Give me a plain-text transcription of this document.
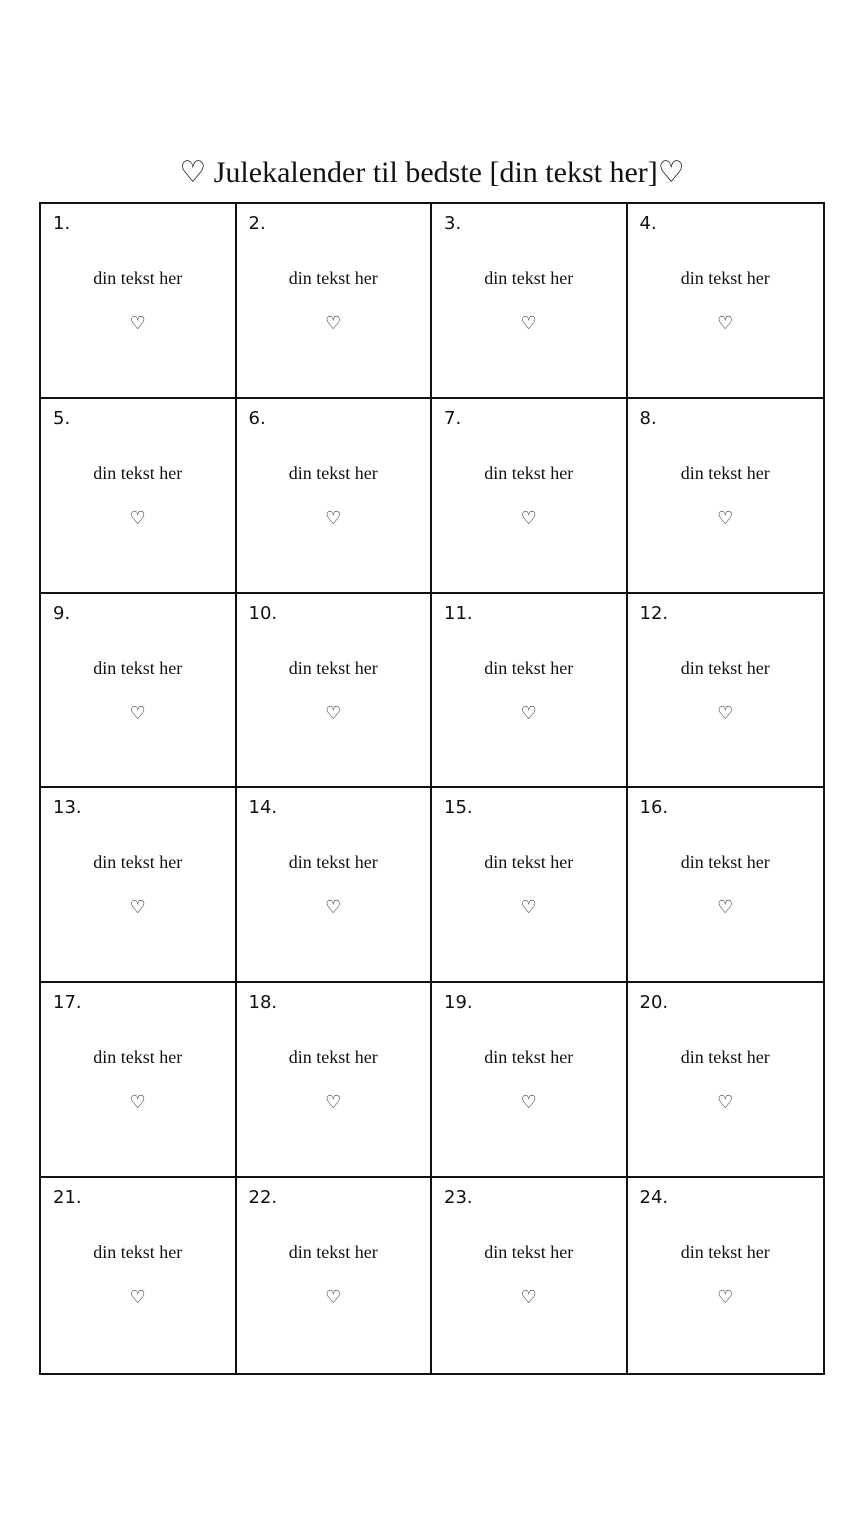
♡ Julekalender til bedste [din tekst her]♡
1.
din tekst her
♡
2.
din tekst her
♡
3.
din tekst her
♡
4.
din tekst her
♡
5.
din tekst her
♡
6.
din tekst her
♡
7.
din tekst her
♡
8.
din tekst her
♡
9.
din tekst her
♡
10.
din tekst her
♡
11.
din tekst her
♡
12.
din tekst her
♡
13.
din tekst her
♡
14.
din tekst her
♡
15.
din tekst her
♡
16.
din tekst her
♡
17.
din tekst her
♡
18.
din tekst her
♡
19.
din tekst her
♡
20.
din tekst her
♡
21.
din tekst her
♡
22.
din tekst her
♡
23.
din tekst her
♡
24.
din tekst her
♡
